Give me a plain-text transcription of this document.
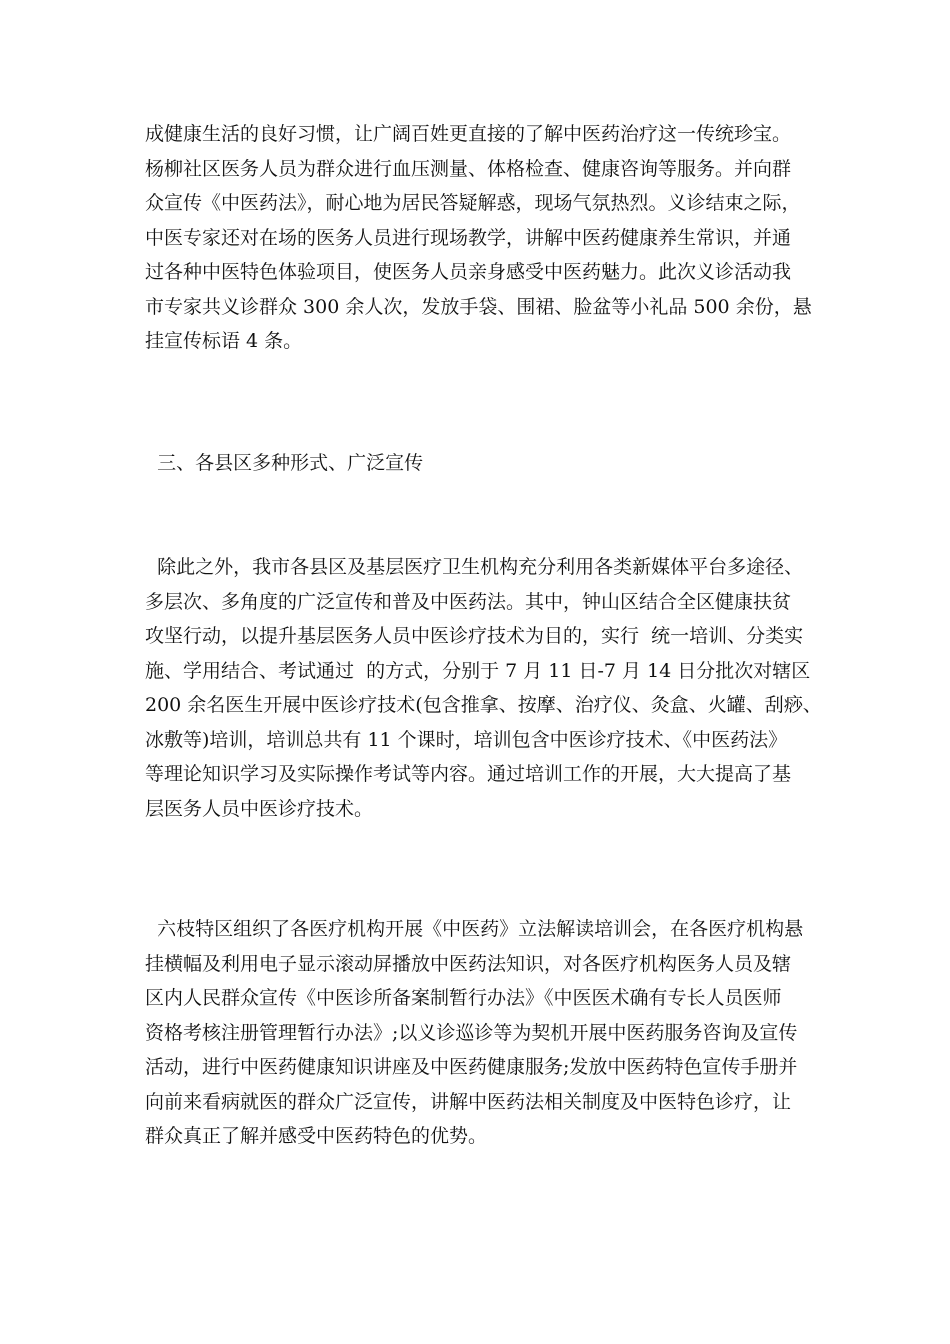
成健康生活的良好习惯，让广阔百姓更直接的了解中医药治疗这一传统珍宝。
杨柳社区医务人员为群众进行血压测量、体格检查、健康咨询等服务。并向群
众宣传《中医药法》，耐心地为居民答疑解惑，现场气氛热烈。义诊结束之际，
中医专家还对在场的医务人员进行现场教学，讲解中医药健康养生常识，并通
过各种中医特色体验项目，使医务人员亲身感受中医药魅力。此次义诊活动我
市专家共义诊群众 300 余人次，发放手袋、围裙、脸盆等小礼品 500 余份，悬
挂宣传标语 4 条。
三、各县区多种形式、广泛宣传
除此之外，我市各县区及基层医疗卫生机构充分利用各类新媒体平台多途径、
多层次、多角度的广泛宣传和普及中医药法。其中，钟山区结合全区健康扶贫
攻坚行动，以提升基层医务人员中医诊疗技术为目的，实行  统一培训、分类实
施、学用结合、考试通过  的方式，分别于 7 月 11 日-7 月 14 日分批次对辖区
200 余名医生开展中医诊疗技术(包含推拿、按摩、治疗仪、灸盒、火罐、刮痧、
冰敷等)培训，培训总共有 11 个课时，培训包含中医诊疗技术、《中医药法》
等理论知识学习及实际操作考试等内容。通过培训工作的开展，大大提高了基
层医务人员中医诊疗技术。
六枝特区组织了各医疗机构开展《中医药》立法解读培训会，在各医疗机构悬
挂横幅及利用电子显示滚动屏播放中医药法知识，对各医疗机构医务人员及辖
区内人民群众宣传《中医诊所备案制暂行办法》《中医医术确有专长人员医师
资格考核注册管理暂行办法》;以义诊巡诊等为契机开展中医药服务咨询及宣传
活动，进行中医药健康知识讲座及中医药健康服务;发放中医药特色宣传手册并
向前来看病就医的群众广泛宣传，讲解中医药法相关制度及中医特色诊疗，让
群众真正了解并感受中医药特色的优势。
